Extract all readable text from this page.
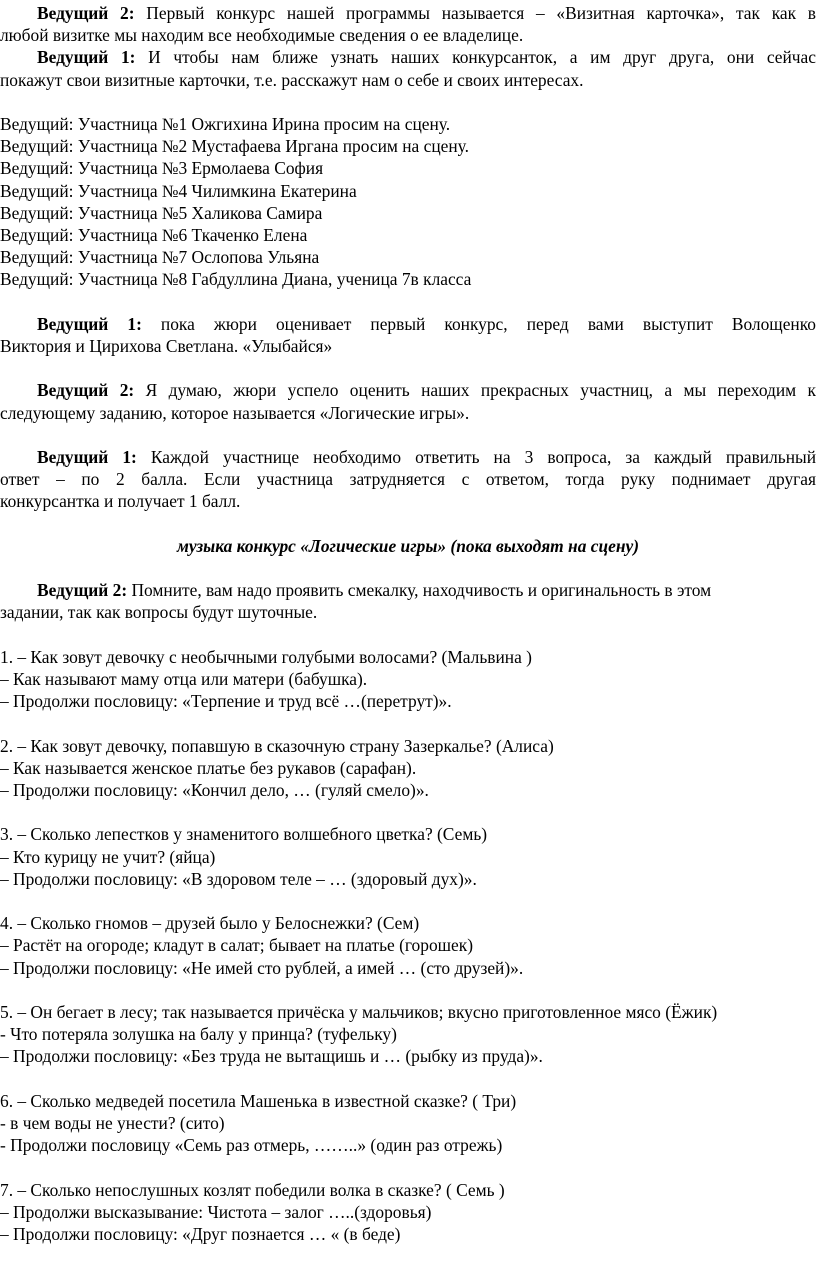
Ведущий 2: Первый конкурс нашей программы называется – «Визитная карточка», так как в
любой визитке мы находим все необходимые сведения о ее владелице.
Ведущий 1: И чтобы нам ближе узнать наших конкурсанток, а им друг друга, они сейчас
покажут свои визитные карточки, т.е. расскажут нам о себе и своих интересах.
Ведущий: Участница №1 Ожгихина Ирина просим на сцену.
Ведущий: Участница №2 Мустафаева Иргана просим на сцену.
Ведущий: Участница №3 Ермолаева София
Ведущий: Участница №4 Чилимкина Екатерина
Ведущий: Участница №5 Халикова Самира
Ведущий: Участница №6 Ткаченко Елена
Ведущий: Участница №7 Ослопова Ульяна
Ведущий: Участница №8 Габдуллина Диана, ученица 7в класса
Ведущий 1: пока жюри оценивает первый конкурс, перед вами выступит Волощенко
Виктория и Цирихова Светлана. «Улыбайся»
Ведущий 2: Я думаю, жюри успело оценить наших прекрасных участниц, а мы переходим к
следующему заданию, которое называется «Логические игры».
Ведущий 1: Каждой участнице необходимо ответить на 3 вопроса, за каждый правильный
ответ – по 2 балла. Если участница затрудняется с ответом, тогда руку поднимает другая
конкурсантка и получает 1 балл.
музыка конкурс «Логические игры» (пока выходят на сцену)
Ведущий 2: Помните, вам надо проявить смекалку, находчивость и оригинальность в этом
задании, так как вопросы будут шуточные.
1. – Как зовут девочку с необычными голубыми волосами? (Мальвина )
– Как называют маму отца или матери (бабушка).
– Продолжи пословицу: «Терпение и труд всё …(перетрут)».
2. – Как зовут девочку, попавшую в сказочную страну Зазеркалье? (Алиса)
– Как называется женское платье без рукавов (сарафан).
– Продолжи пословицу: «Кончил дело, … (гуляй смело)».
3. – Сколько лепестков у знаменитого волшебного цветка? (Семь)
– Кто курицу не учит? (яйца)
– Продолжи пословицу: «В здоровом теле – … (здоровый дух)».
4. – Сколько гномов – друзей было у Белоснежки? (Сем)
– Растёт на огороде; кладут в салат; бывает на платье (горошек)
– Продолжи пословицу: «Не имей сто рублей, а имей … (сто друзей)».
5. – Он бегает в лесу; так называется причёска у мальчиков; вкусно приготовленное мясо (Ёжик)
- Что потеряла золушка на балу у принца? (туфельку)
– Продолжи пословицу: «Без труда не вытащишь и … (рыбку из пруда)».
6. – Сколько медведей посетила Машенька в известной сказке? ( Три)
- в чем воды не унести? (сито)
- Продолжи пословицу «Семь раз отмерь, ……..» (один раз отрежь)
7. – Сколько непослушных козлят победили волка в сказке? ( Семь )
– Продолжи высказывание: Чистота – залог …..(здоровья)
– Продолжи пословицу: «Друг познается … « (в беде)
